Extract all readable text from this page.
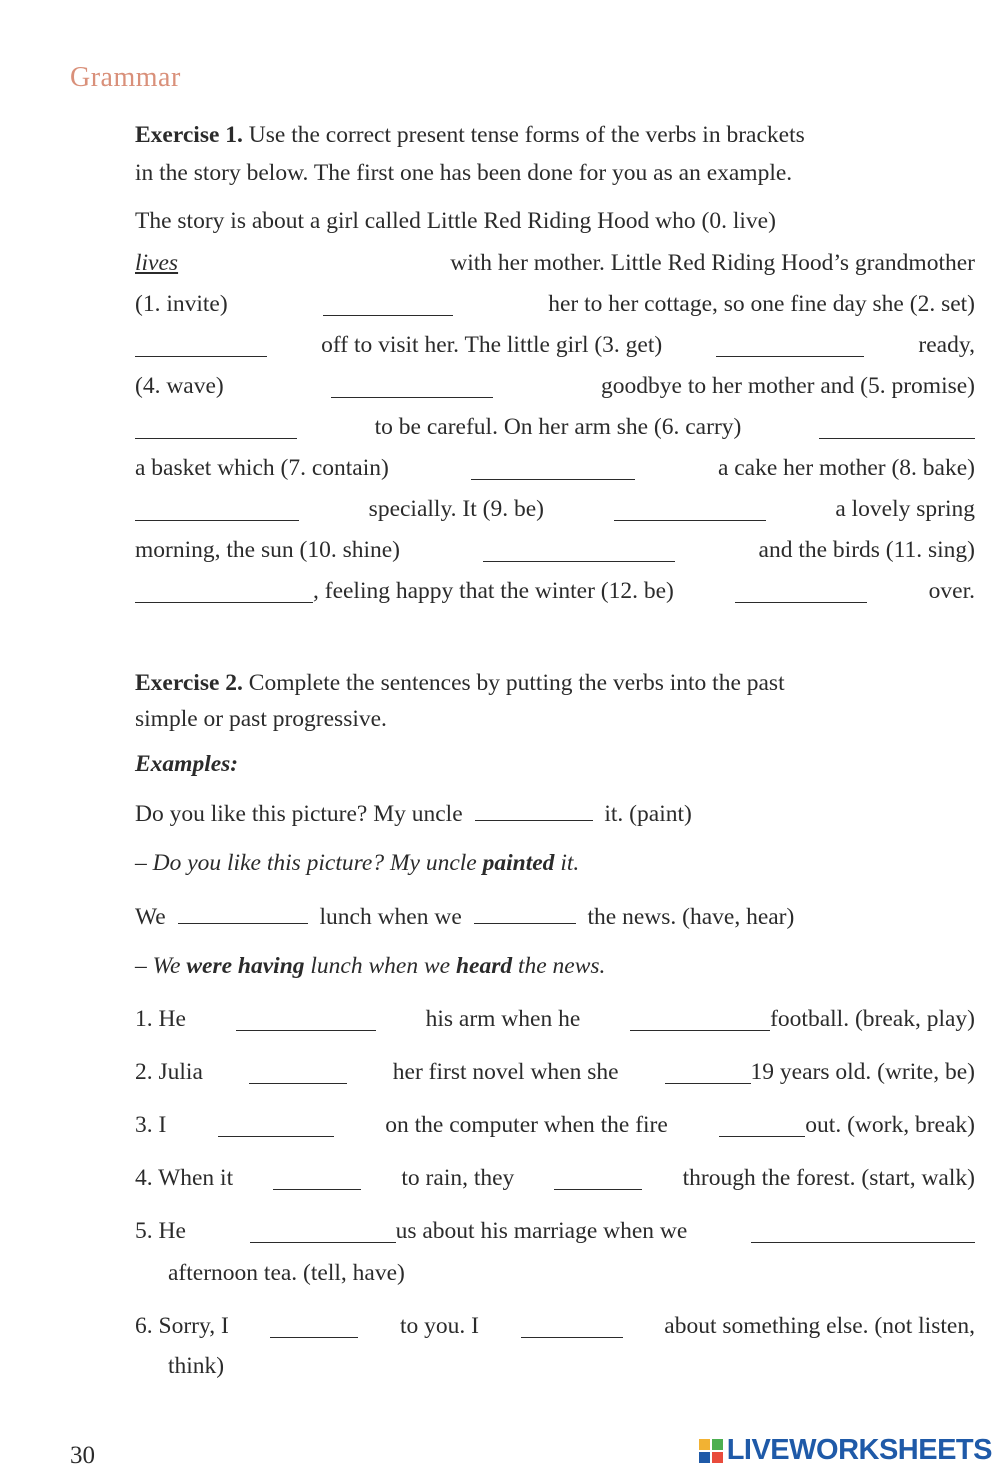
Grammar
Exercise 1. Use the correct present tense forms of the verbs in brackets
in the story below. The first one has been done for you as an example.
The story is about a girl called Little Red Riding Hood who (0. live)
lives	with her mother. Little Red Riding Hood’s grandmother
(1. invite)	her to her cottage, so one fine day she (2. set)
off to visit her. The little girl (3. get)	ready,
(4. wave)	goodbye to her mother and (5. promise)
to be careful. On her arm she (6. carry)
a basket which (7. contain)	a cake her mother (8. bake)
specially. It (9. be)	a lovely spring
morning, the sun (10. shine)	and the birds (11. sing)
, feeling happy that the winter (12. be)	over.
Exercise 2. Complete the sentences by putting the verbs into the past
simple or past progressive.
Examples:
Do you like this picture? My uncle	it. (paint)
– Do you like this picture? My uncle painted it.
We	lunch when we	the news. (have, hear)
– We were having lunch when we heard the news.
1. He	his arm when he	football. (break, play)
2. Julia	her first novel when she	19 years old. (write, be)
3. I	on the computer when the fire	out. (work, break)
4. When it	to rain, they	through the forest. (start, walk)
5. He	us about his marriage when we
afternoon tea. (tell, have)
6. Sorry, I	to you. I	about something else. (not listen,
think)
30	LIVEWORKSHEETS
